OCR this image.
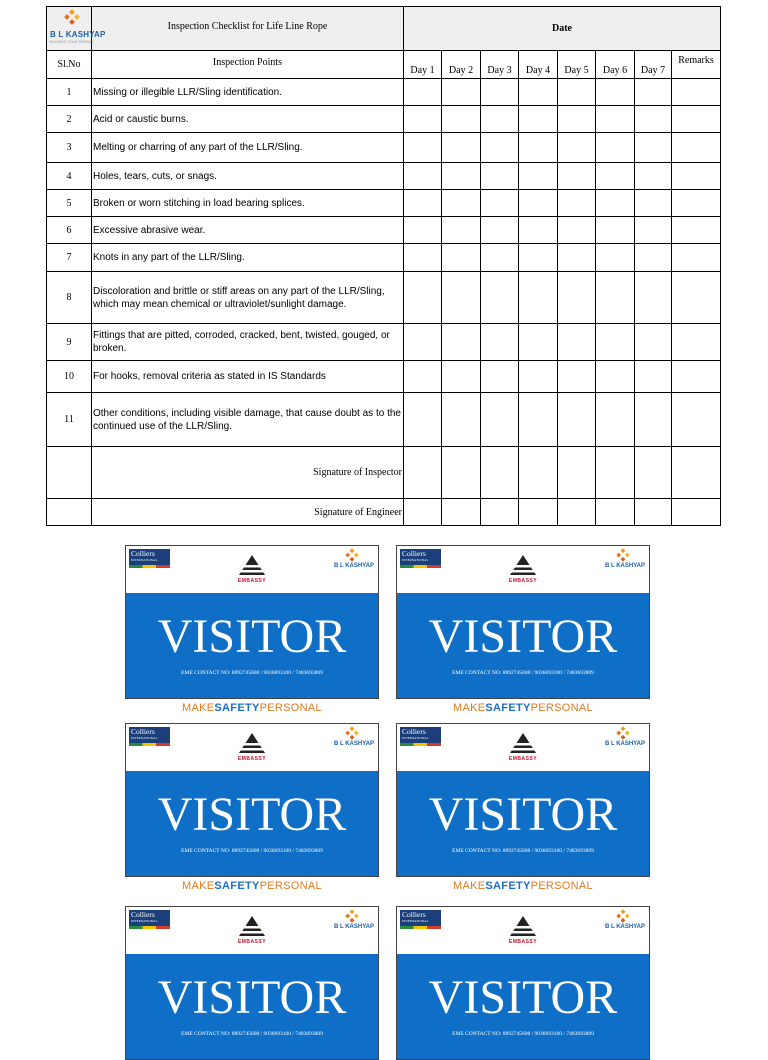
B L KASHYAP
BUILDING YOUR DREAMS	Inspection Checklist for Life Line Rope	Date							
Sl.No	Inspection Points	Day 1	Day 2	Day 3	Day 4	Day 5	Day 6	Day 7	Remarks
1	Missing or illegible LLR/Sling identification.								
2	Acid or caustic burns.								
3	Melting or charring of any part of the LLR/Sling.								
4	Holes, tears, cuts, or snags.								
5	Broken or worn stitching in load bearing splices.								
6	Excessive abrasive wear.								
7	Knots in any part of the LLR/Sling.								
8	Discoloration and brittle or stiff areas on any part of the LLR/Sling, which may mean chemical or ultraviolet/sunlight damage.								
9	Fittings that are pitted, corroded, cracked, bent, twisted, gouged, or broken.								
10	For hooks, removal criteria as stated in IS Standards								
11	Other conditions, including visible damage, that cause doubt as to the continued use of the LLR/Sling.								
	Signature of Inspector								
	Signature of Engineer								
Colliers
INTERNATIONAL
EMBASSY
B L KASHYAP
VISITOR
EME CONTACT NO: 8892745608 / 9036693100 / 7483693809
MAKESAFETYPERSONAL
Colliers
INTERNATIONAL
EMBASSY
B L KASHYAP
VISITOR
EME CONTACT NO: 8892745608 / 9036693100 / 7483693809
MAKESAFETYPERSONAL
Colliers
INTERNATIONAL
EMBASSY
B L KASHYAP
VISITOR
EME CONTACT NO: 8892745608 / 9036693100 / 7483693809
MAKESAFETYPERSONAL
Colliers
INTERNATIONAL
EMBASSY
B L KASHYAP
VISITOR
EME CONTACT NO: 8892745608 / 9036693100 / 7483693809
MAKESAFETYPERSONAL
Colliers
INTERNATIONAL
EMBASSY
B L KASHYAP
VISITOR
EME CONTACT NO: 8892745608 / 9036693100 / 7483693809
Colliers
INTERNATIONAL
EMBASSY
B L KASHYAP
VISITOR
EME CONTACT NO: 8892745608 / 9036693100 / 7483693809
